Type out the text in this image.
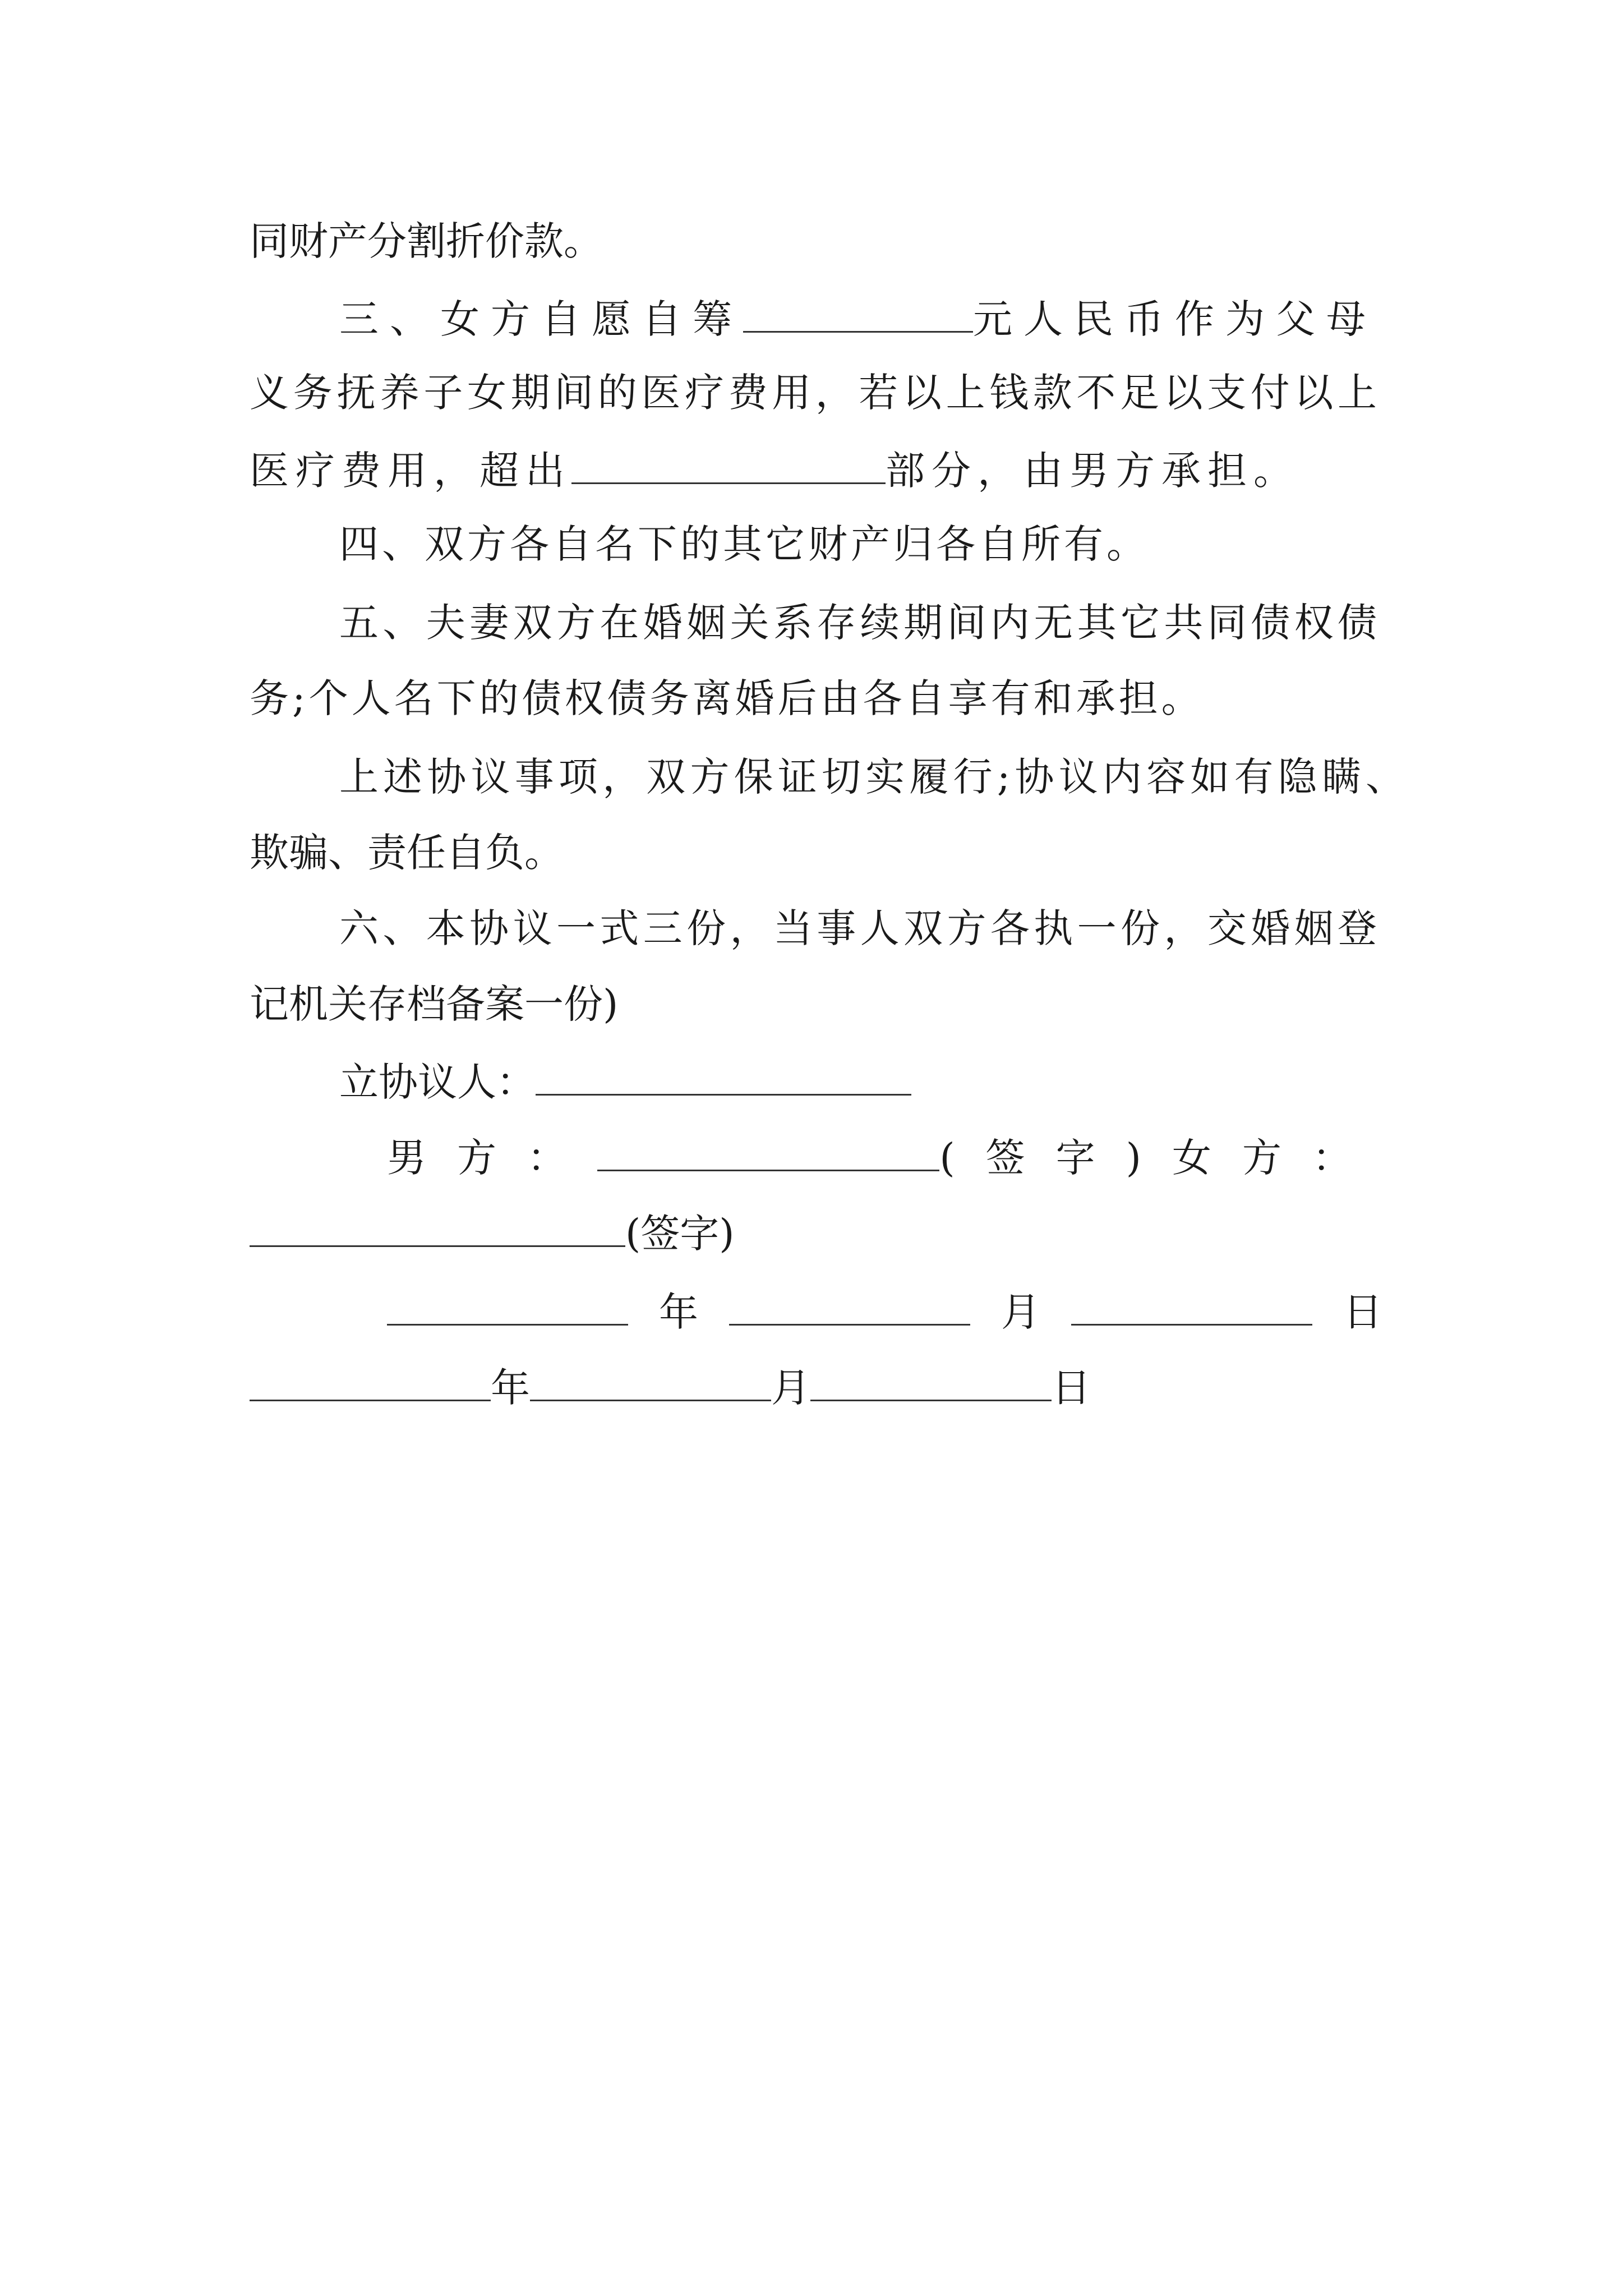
同财产分割折价款。
三、女方自愿自筹	元人民币作为父母
义务抚养子女期间的医疗费用，若以上钱款不足以支付以上
医疗费用，超出	部分，由男方承担。
四、双方各自名下的其它财产归各自所有。
五、夫妻双方在婚姻关系存续期间内无其它共同债权债
务;个人名下的债权债务离婚后由各自享有和承担。
上述协议事项，双方保证切实履行;协议内容如有隐瞒、
欺骗、责任自负。
六、本协议一式三份，当事人双方各执一份，交婚姻登
记机关存档备案一份)
立协议人：
男方：	(签字) 女方：
(签字)
年	月	日
年	月	日
